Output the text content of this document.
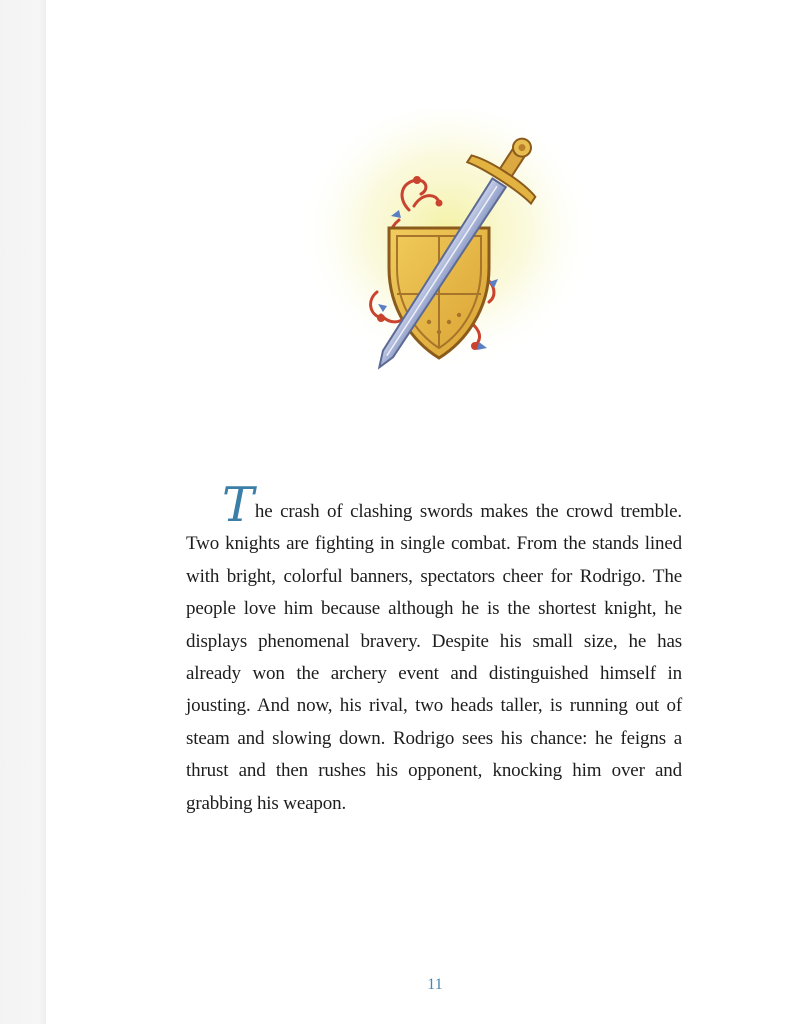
The crash of clashing swords makes the crowd tremble. Two knights are fighting in single combat. From the stands lined with bright, colorful banners, spectators cheer for Rodrigo. The people love him because although he is the shortest knight, he displays phenomenal bravery. Despite his small size, he has already won the archery event and distinguished himself in jousting. And now, his rival, two heads taller, is running out of steam and slowing down. Rodrigo sees his chance: he feigns a thrust and then rushes his opponent, knocking him over and grabbing his weapon.

11
